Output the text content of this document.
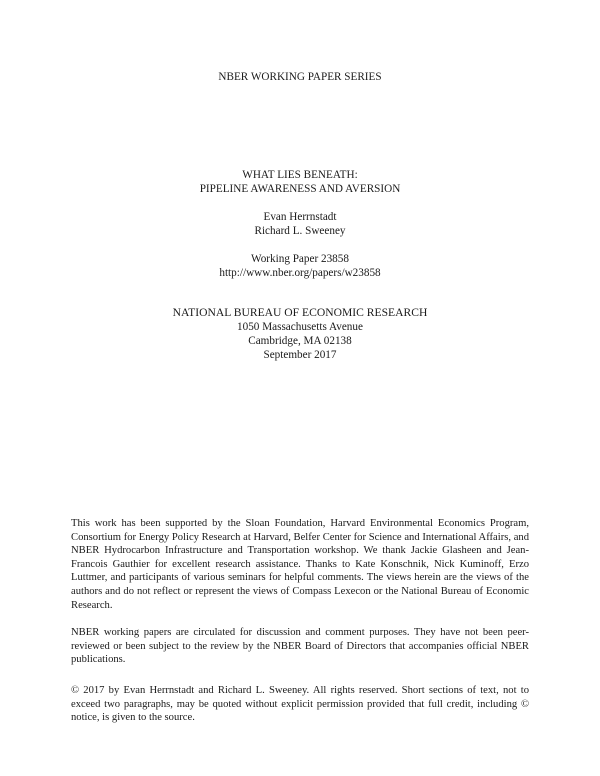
NBER WORKING PAPER SERIES
WHAT LIES BENEATH:
PIPELINE AWARENESS AND AVERSION
Evan Herrnstadt
Richard L. Sweeney
Working Paper 23858
http://www.nber.org/papers/w23858
NATIONAL BUREAU OF ECONOMIC RESEARCH
1050 Massachusetts Avenue
Cambridge, MA 02138
September 2017

This work has been supported by the Sloan Foundation, Harvard Environmental Economics Program, Consortium for Energy Policy Research at Harvard, Belfer Center for Science and International Affairs, and NBER Hydrocarbon Infrastructure and Transportation workshop. We thank Jackie Glasheen and Jean-Francois Gauthier for excellent research assistance. Thanks to Kate Konschnik, Nick Kuminoff, Erzo Luttmer, and participants of various seminars for helpful comments. The views herein are the views of the authors and do not reflect or represent the views of Compass Lexecon or the National Bureau of Economic Research.

NBER working papers are circulated for discussion and comment purposes. They have not been peer-reviewed or been subject to the review by the NBER Board of Directors that accompanies official NBER publications.

© 2017 by Evan Herrnstadt and Richard L. Sweeney. All rights reserved. Short sections of text, not to exceed two paragraphs, may be quoted without explicit permission provided that full credit, including © notice, is given to the source.
